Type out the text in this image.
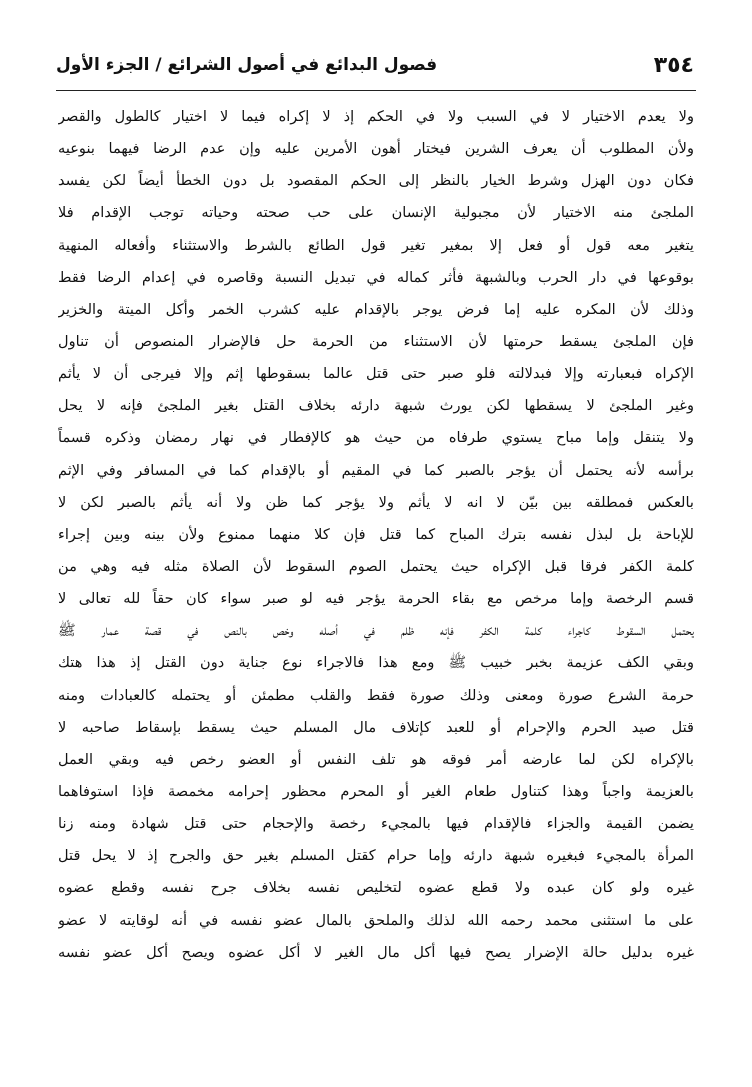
٣٥٤
فصول البدائع في أصول الشرائع / الجزء الأول
ولا يعدم الاختيار لا في السبب ولا في الحكم إذ لا إكراه فيما لا اختيار كالطول والقصر
ولأن المطلوب أن يعرف الشرين فيختار أهون الأمرين عليه وإن عدم الرضا فيهما بنوعيه
فكان دون الهزل وشرط الخيار بالنظر إلى الحكم المقصود بل دون الخطأ أيضاً لكن يفسد
الملجئ منه الاختيار لأن مجبولية الإنسان على حب صحته وحياته توجب الإقدام فلا
يتغير معه قول أو فعل إلا بمغير تغير قول الطائع بالشرط والاستثناء وأفعاله المنهية
بوقوعها في دار الحرب وبالشبهة فأثر كماله في تبديل النسبة وقاصره في إعدام الرضا فقط
وذلك لأن المكره عليه إما فرض يوجر بالإقدام عليه كشرب الخمر وأكل الميتة والخزير
فإن الملجئ يسقط حرمتها لأن الاستثناء من الحرمة حل فالإضرار المنصوص أن تناول
الإكراه فبعبارته وإلا فبدلالته فلو صبر حتى قتل عالما بسقوطها إثم وإلا فيرجى أن لا يأثم
وغير الملجئ لا يسقطها لكن يورث شبهة دارئه بخلاف القتل بغير الملجئ فإنه لا يحل
ولا يتنقل وإما مباح يستوي طرفاه من حيث هو كالإفطار في نهار رمضان وذكره قسماً
برأسه لأنه يحتمل أن يؤجر بالصبر كما في المقيم أو بالإقدام كما في المسافر وفي الإثم
بالعكس فمطلقه بين بيّن لا انه لا يأثم ولا يؤجر كما ظن ولا أنه يأثم بالصبر لكن لا
للإباحة بل لبذل نفسه بترك المباح كما قتل فإن كلا منهما ممنوع ولأن بينه وبين إجراء
كلمة الكفر فرقا قبل الإكراه حيث يحتمل الصوم السقوط لأن الصلاة مثله فيه وهي من
قسم الرخصة وإما مرخص مع بقاء الحرمة يؤجر فيه لو صبر سواء كان حقاً لله تعالى لا
يحتمل السقوط كاجراء كلمة الكفر فإنه ظلم في أصله وخص بالنص في قصة عمار ﷺ
وبقي الكف عزيمة بخبر خبيب ﷺ ومع هذا فالاجراء نوع جناية دون القتل إذ هذا هتك
حرمة الشرع صورة ومعنى وذلك صورة فقط والقلب مطمئن أو يحتمله كالعبادات ومنه
قتل صيد الحرم والإحرام أو للعبد كإتلاف مال المسلم حيث يسقط بإسقاط صاحبه لا
بالإكراه لكن لما عارضه أمر فوقه هو تلف النفس أو العضو رخص فيه وبقي العمل
بالعزيمة واجباً وهذا كتناول طعام الغير أو المحرم محظور إحرامه مخمصة فإذا استوفاهما
يضمن القيمة والجزاء فالإقدام فيها بالمجيء رخصة والإحجام حتى قتل شهادة ومنه زنا
المرأة بالمجيء فبغيره شبهة دارئه وإما حرام كقتل المسلم بغير حق والجرح إذ لا يحل قتل
غيره ولو كان عبده ولا قطع عضوه لتخليص نفسه بخلاف جرح نفسه وقطع عضوه
على ما استثنى محمد رحمه الله لذلك والملحق بالمال عضو نفسه في أنه لوقايته لا عضو
غيره بدليل حالة الإضرار يصح فيها أكل مال الغير لا أكل عضوه ويصح أكل عضو نفسه
